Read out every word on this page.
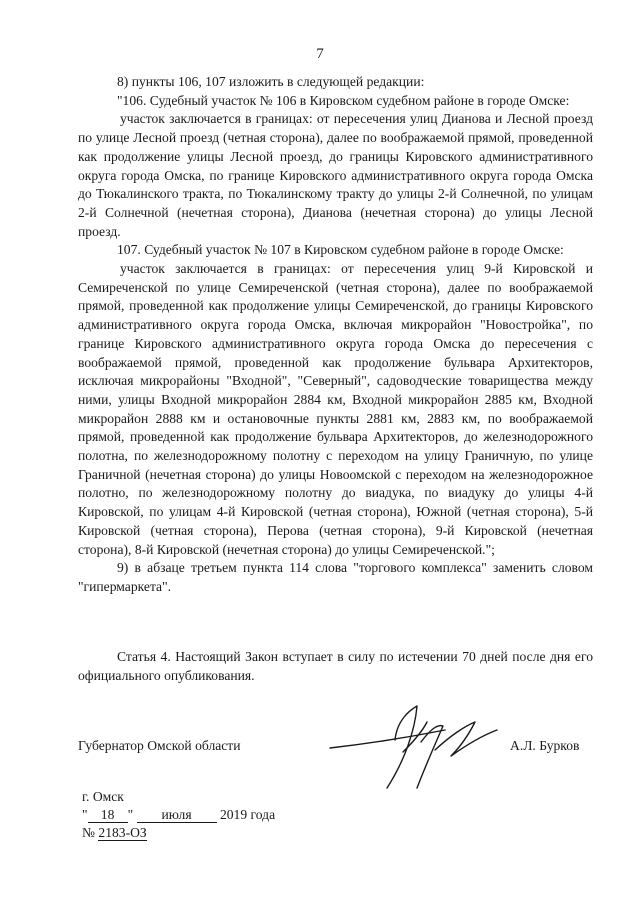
7

8) пункты 106, 107 изложить в следующей редакции:

"106. Судебный участок № 106 в Кировском судебном районе в городе Омске:

участок заключается в границах: от пересечения улиц Дианова и Лесной проезд по улице Лесной проезд (четная сторона), далее по воображаемой прямой, проведенной как продолжение улицы Лесной проезд, до границы Кировского административного округа города Омска, по границе Кировского административного округа города Омска до Тюкалинского тракта, по Тюкалинскому тракту до улицы 2-й Солнечной, по улицам 2-й Солнечной (нечетная сторона), Дианова (нечетная сторона) до улицы Лесной проезд.

107. Судебный участок № 107 в Кировском судебном районе в городе Омске:

участок заключается в границах: от пересечения улиц 9-й Кировской и Семиреченской по улице Семиреченской (четная сторона), далее по воображаемой прямой, проведенной как продолжение улицы Семиреченской, до границы Кировского административного округа города Омска, включая микрорайон "Новостройка", по границе Кировского административного округа города Омска до пересечения с воображаемой прямой, проведенной как продолжение бульвара Архитекторов, исключая микрорайоны "Входной", "Северный", садоводческие товарищества между ними, улицы Входной микрорайон 2884 км, Входной микрорайон 2885 км, Входной микрорайон 2888 км и остановочные пункты 2881 км, 2883 км, по воображаемой прямой, проведенной как продолжение бульвара Архитекторов, до железнодорожного полотна, по железнодорожному полотну с переходом на улицу Граничную, по улице Граничной (нечетная сторона) до улицы Новоомской с переходом на железнодорожное полотно, по железнодорожному полотну до виадука, по виадуку до улицы 4-й Кировской, по улицам 4-й Кировской (четная сторона), Южной (четная сторона), 5-й Кировской (четная сторона), Перова (четная сторона), 9-й Кировской (нечетная сторона), 8-й Кировской (нечетная сторона) до улицы Семиреченской.";

9) в абзаце третьем пункта 114 слова "торгового комплекса" заменить словом "гипермаркета".

Статья 4. Настоящий Закон вступает в силу по истечении 70 дней после дня его официального опубликования.

Губернатор Омской области	А.Л. Бурков
г. Омск
" 18 " июля 2019 года
№ 2183-ОЗ
